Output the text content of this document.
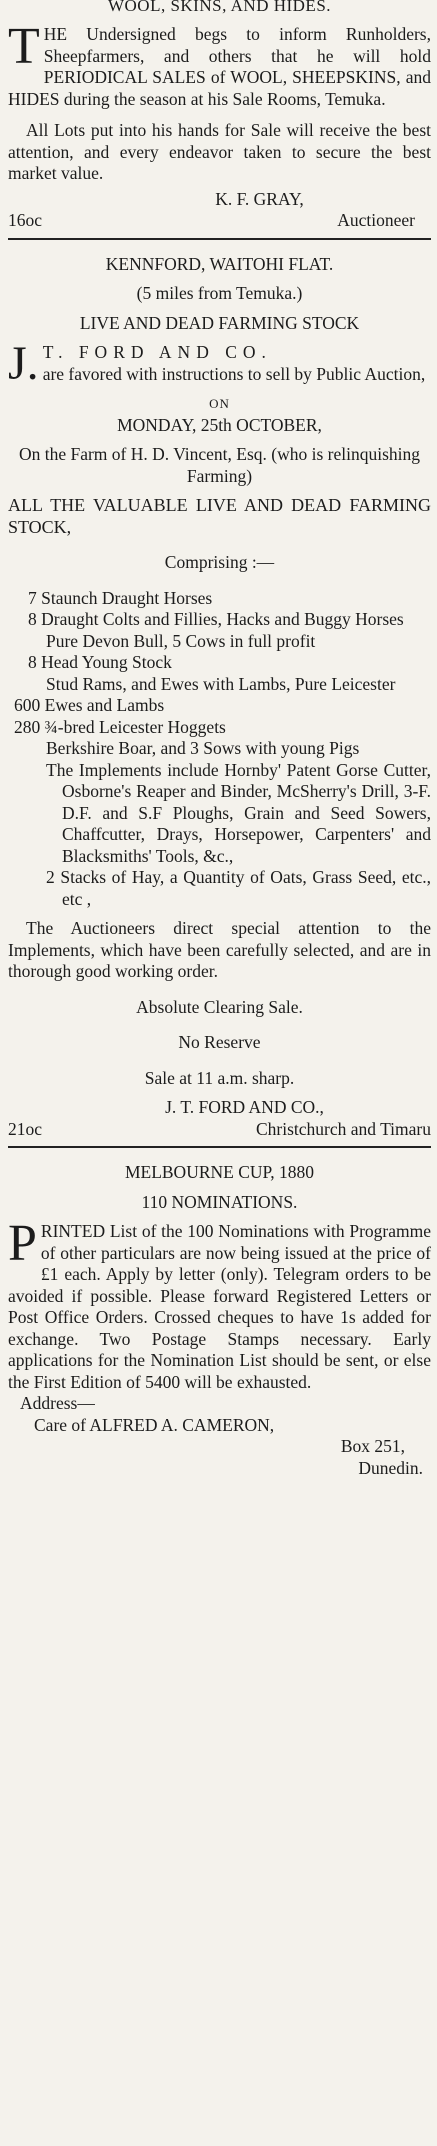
WOOL, SKINS, AND HIDES.
T HE Undersigned begs to inform Runholders, Sheepfarmers, and others that he will hold PERIODICAL SALES of WOOL, SHEEPSKINS, and HIDES during the season at his Sale Rooms, Temuka.
All Lots put into his hands for Sale will receive the best attention, and every endeavor taken to secure the best market value.
K. F. GRAY,
16oc	Auctioneer
KENNFORD, WAITOHI FLAT.
(5 miles from Temuka.)
LIVE AND DEAD FARMING STOCK
J. T. FORD AND CO.
are favored with instructions to sell by Public Auction,
ON
MONDAY, 25th OCTOBER,
On the Farm of H. D. Vincent, Esq. (who is relinquishing Farming)
ALL THE VALUABLE LIVE AND DEAD FARMING STOCK,
Comprising :—
7 Staunch Draught Horses
8 Draught Colts and Fillies, Hacks and Buggy Horses
Pure Devon Bull, 5 Cows in full profit
8 Head Young Stock
Stud Rams, and Ewes with Lambs, Pure Leicester
600 Ewes and Lambs
280 ¾-bred Leicester Hoggets
Berkshire Boar, and 3 Sows with young Pigs
The Implements include Hornby' Patent Gorse Cutter, Osborne's Reaper and Binder, McSherry's Drill, 3-F. D.F. and S.F Ploughs, Grain and Seed Sowers, Chaffcutter, Drays, Horsepower, Carpenters' and Blacksmiths' Tools, &c.,
2 Stacks of Hay, a Quantity of Oats, Grass Seed, etc., etc ,
The Auctioneers direct special attention to the Implements, which have been carefully selected, and are in thorough good working order.
Absolute Clearing Sale.
No Reserve
Sale at 11 a.m. sharp.
J. T. FORD AND CO.,
21oc	Christchurch and Timaru
MELBOURNE CUP, 1880
110 NOMINATIONS.
P RINTED List of the 100 Nominations with Programme of other particulars are now being issued at the price of £1 each. Apply by letter (only). Telegram orders to be avoided if possible. Please forward Registered Letters or Post Office Orders. Crossed cheques to have 1s added for exchange. Two Postage Stamps necessary. Early applications for the Nomination List should be sent, or else the First Edition of 5400 will be exhausted.
Address—
Care of ALFRED A. CAMERON,
Box 251,
Dunedin.
